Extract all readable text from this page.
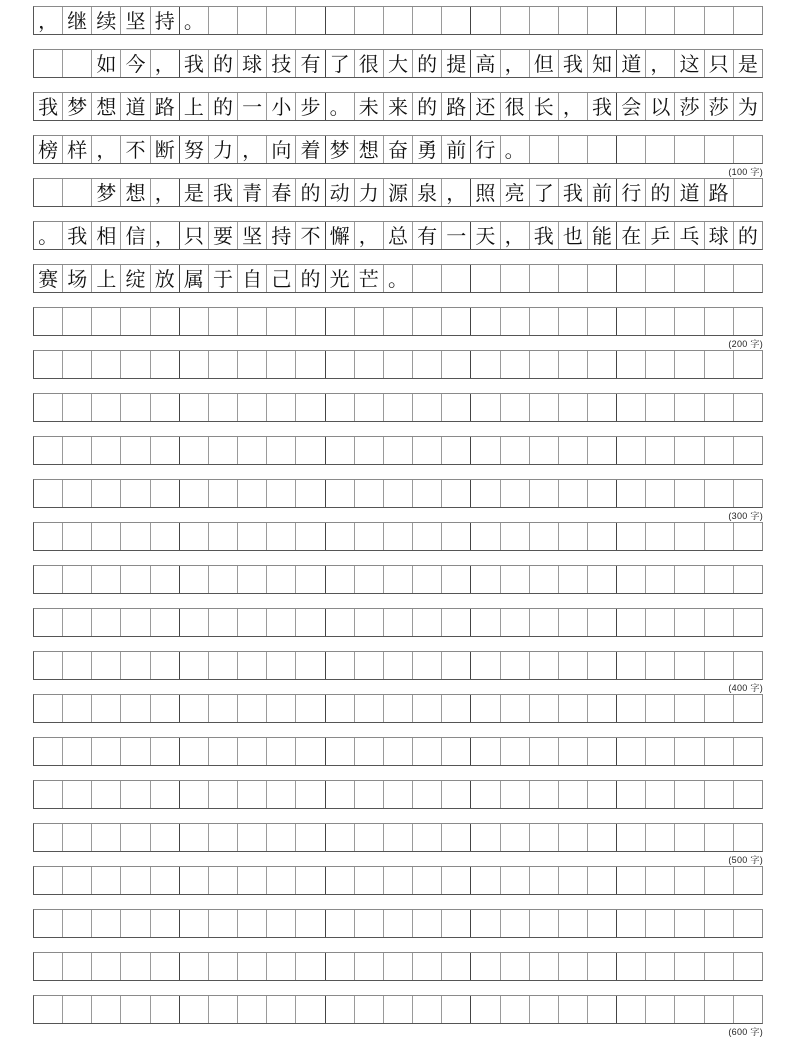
， 继 续 坚 持 。
如 今 ， 我 的 球 技 有 了 很 大 的 提 高 ， 但 我 知 道 ， 这 只 是
我 梦 想 道 路 上 的 一 小 步 。 未 来 的 路 还 很 长 ， 我 会 以 莎 莎 为
榜 样 ， 不 断 努 力 ， 向 着 梦 想 奋 勇 前 行 。
(100 字)
梦 想 ， 是 我 青 春 的 动 力 源 泉 ， 照 亮 了 我 前 行 的 道 路
。 我 相 信 ， 只 要 坚 持 不 懈 ， 总 有 一 天 ， 我 也 能 在 乒 乓 球 的
赛 场 上 绽 放 属 于 自 己 的 光 芒 。
(200 字)
(300 字)
(400 字)
(500 字)
(600 字)
